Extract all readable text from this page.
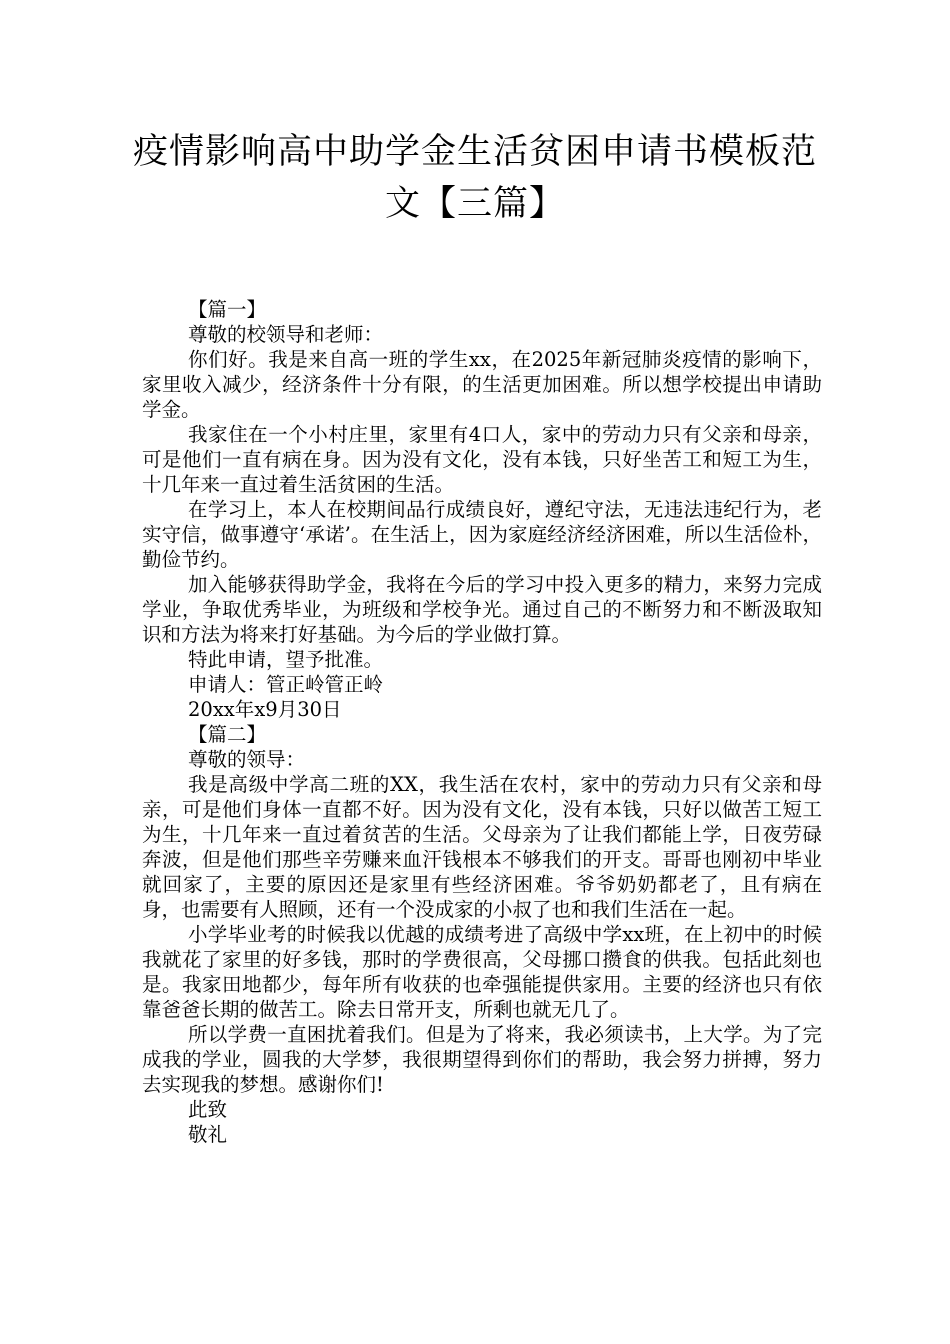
疫情影响高中助学金生活贫困申请书模板范文【三篇】

【篇一】

尊敬的校领导和老师：

你们好。我是来自高一班的学生xx，在2025年新冠肺炎疫情的影响下，家里收入减少，经济条件十分有限，的生活更加困难。所以想学校提出申请助学金。

我家住在一个小村庄里，家里有4口人，家中的劳动力只有父亲和母亲，可是他们一直有病在身。因为没有文化，没有本钱，只好坐苦工和短工为生，十几年来一直过着生活贫困的生活。

在学习上，本人在校期间品行成绩良好，遵纪守法，无违法违纪行为，老实守信，做事遵守‘承诺’。在生活上，因为家庭经济经济困难，所以生活俭朴，勤俭节约。

加入能够获得助学金，我将在今后的学习中投入更多的精力，来努力完成学业，争取优秀毕业，为班级和学校争光。通过自己的不断努力和不断汲取知识和方法为将来打好基础。为今后的学业做打算。

特此申请，望予批准。

申请人：管正岭管正岭

20xx年x9月30日

【篇二】

尊敬的领导：

我是高级中学高二班的XX，我生活在农村，家中的劳动力只有父亲和母亲，可是他们身体一直都不好。因为没有文化，没有本钱，只好以做苦工短工为生，十几年来一直过着贫苦的生活。父母亲为了让我们都能上学，日夜劳碌奔波，但是他们那些辛劳赚来血汗钱根本不够我们的开支。哥哥也刚初中毕业就回家了，主要的原因还是家里有些经济困难。爷爷奶奶都老了，且有病在身，也需要有人照顾，还有一个没成家的小叔了也和我们生活在一起。

小学毕业考的时候我以优越的成绩考进了高级中学xx班，在上初中的时候我就花了家里的好多钱，那时的学费很高，父母挪口攒食的供我。包括此刻也是。我家田地都少，每年所有收获的也牵强能提供家用。主要的经济也只有依靠爸爸长期的做苦工。除去日常开支，所剩也就无几了。

所以学费一直困扰着我们。但是为了将来，我必须读书，上大学。为了完成我的学业，圆我的大学梦，我很期望得到你们的帮助，我会努力拼搏，努力去实现我的梦想。感谢你们!

此致

敬礼
